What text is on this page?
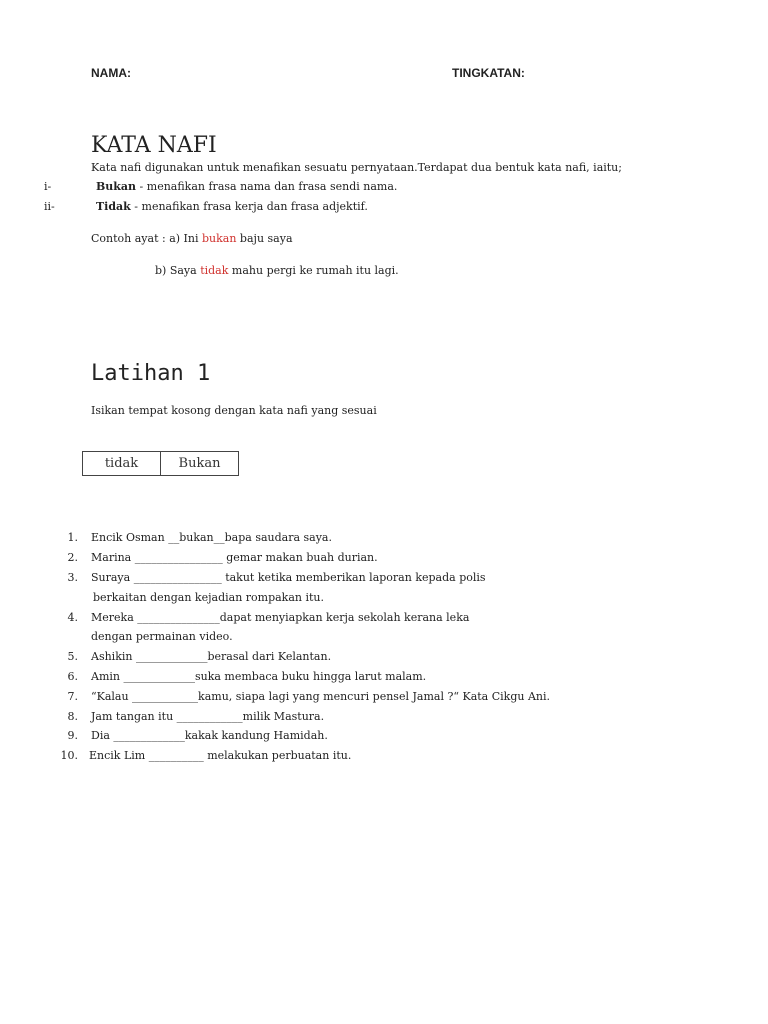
NAMA:	TINGKATAN:
KATA NAFI
Kata nafi digunakan untuk menafikan sesuatu pernyataan.Terdapat dua bentuk kata nafi, iaitu;
i-	Bukan - menafikan frasa nama dan frasa sendi nama.
ii-	Tidak - menafikan frasa kerja dan frasa adjektif.
Contoh ayat : a) Ini bukan baju saya
b) Saya tidak mahu pergi ke rumah itu lagi.
Latihan 1
Isikan tempat kosong dengan kata nafi yang sesuai
tidak	Bukan
1. Encik Osman __bukan__bapa saudara saya.
2. Marina ________________ gemar makan buah durian.
3. Suraya ________________ takut ketika memberikan laporan kepada polis
berkaitan dengan kejadian rompakan itu.
4. Mereka _______________dapat menyiapkan kerja sekolah kerana leka
dengan permainan video.
5. Ashikin _____________berasal dari Kelantan.
6. Amin _____________suka membaca buku hingga larut malam.
7. “Kalau ____________kamu, siapa lagi yang mencuri pensel Jamal ?“ Kata Cikgu Ani.
8. Jam tangan itu ____________milik Mastura.
9. Dia _____________kakak kandung Hamidah.
10. Encik Lim __________ melakukan perbuatan itu.
